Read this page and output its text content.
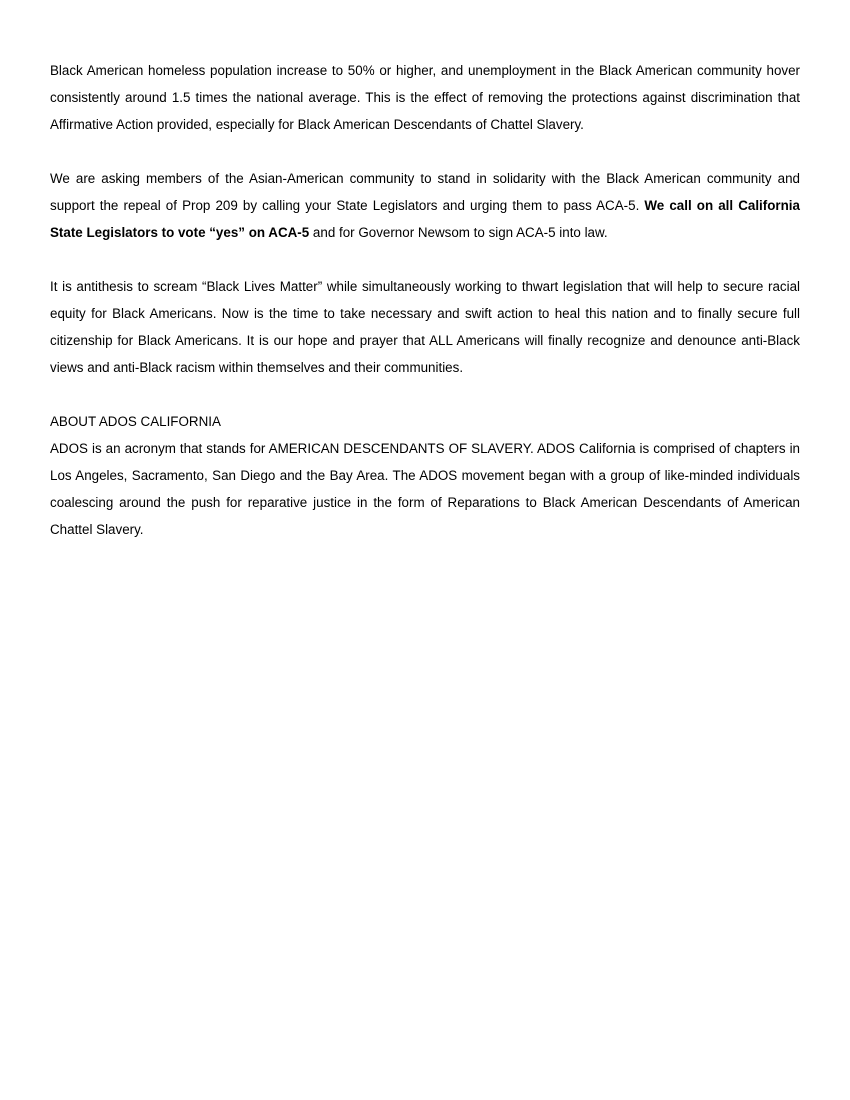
Black American homeless population increase to 50% or higher, and unemployment in the Black American community hover consistently around 1.5 times the national average. This is the effect of removing the protections against discrimination that Affirmative Action provided, especially for Black American Descendants of Chattel Slavery.

We are asking members of the Asian-American community to stand in solidarity with the Black American community and support the repeal of Prop 209 by calling your State Legislators and urging them to pass ACA-5. We call on all California State Legislators to vote “yes” on ACA-5 and for Governor Newsom to sign ACA-5 into law.

It is antithesis to scream “Black Lives Matter” while simultaneously working to thwart legislation that will help to secure racial equity for Black Americans. Now is the time to take necessary and swift action to heal this nation and to finally secure full citizenship for Black Americans. It is our hope and prayer that ALL Americans will finally recognize and denounce anti-Black views and anti-Black racism within themselves and their communities.

ABOUT ADOS CALIFORNIA

ADOS is an acronym that stands for AMERICAN DESCENDANTS OF SLAVERY. ADOS California is comprised of chapters in Los Angeles, Sacramento, San Diego and the Bay Area. The ADOS movement began with a group of like-minded individuals coalescing around the push for reparative justice in the form of Reparations to Black American Descendants of American Chattel Slavery.
